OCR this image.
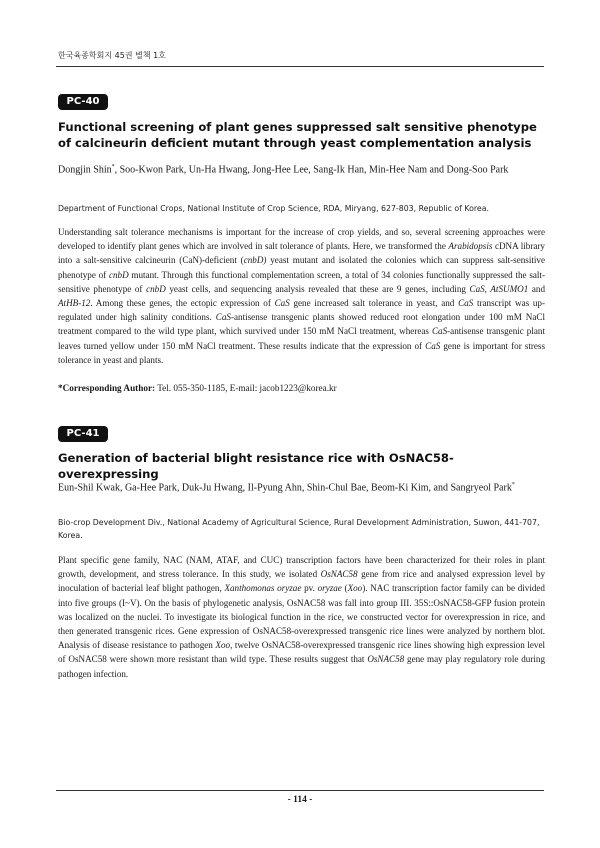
한국육종학회지 45권 별책 1호
PC-40
Functional screening of plant genes suppressed salt sensitive phenotype of calcineurin deficient mutant through yeast complementation analysis

Dongjin Shin*, Soo-Kwon Park, Un-Ha Hwang, Jong-Hee Lee, Sang-Ik Han, Min-Hee Nam and Dong-Soo Park

Department of Functional Crops, National Institute of Crop Science, RDA, Miryang, 627-803, Republic of Korea.

Understanding salt tolerance mechanisms is important for the increase of crop yields, and so, several screening approaches were developed to identify plant genes which are involved in salt tolerance of plants. Here, we transformed the Arabidopsis cDNA library into a salt-sensitive calcineurin (CaN)-deficient (cnbD) yeast mutant and isolated the colonies which can suppress salt-sensitive phenotype of cnbD mutant. Through this functional complementation screen, a total of 34 colonies functionally suppressed the salt-sensitive phenotype of cnbD yeast cells, and sequencing analysis revealed that these are 9 genes, including CaS, AtSUMO1 and AtHB-12. Among these genes, the ectopic expression of CaS gene increased salt tolerance in yeast, and CaS transcript was up-regulated under high salinity conditions. CaS-antisense transgenic plants showed reduced root elongation under 100 mM NaCl treatment compared to the wild type plant, which survived under 150 mM NaCl treatment, whereas CaS-antisense transgenic plant leaves turned yellow under 150 mM NaCl treatment. These results indicate that the expression of CaS gene is important for stress tolerance in yeast and plants.

*Corresponding Author: Tel. 055-350-1185, E-mail: jacob1223@korea.kr

PC-41
Generation of bacterial blight resistance rice with OsNAC58-overexpressing

Eun-Shil Kwak, Ga-Hee Park, Duk-Ju Hwang, Il-Pyung Ahn, Shin-Chul Bae, Beom-Ki Kim, and Sangryeol Park*

Bio-crop Development Div., National Academy of Agricultural Science, Rural Development Administration, Suwon, 441-707, Korea.

Plant specific gene family, NAC (NAM, ATAF, and CUC) transcription factors have been characterized for their roles in plant growth, development, and stress tolerance. In this study, we isolated OsNAC58 gene from rice and analysed expression level by inoculation of bacterial leaf blight pathogen, Xanthomonas oryzae pv. oryzae (Xoo). NAC transcription factor family can be divided into five groups (I~V). On the basis of phylogenetic analysis, OsNAC58 was fall into group III. 35S::OsNAC58-GFP fusion protein was localized on the nuclei. To investigate its biological function in the rice, we constructed vector for overexpression in rice, and then generated transgenic rices. Gene expression of OsNAC58-overexpressed transgenic rice lines were analyzed by northern blot. Analysis of disease resistance to pathogen Xoo, twelve OsNAC58-overexpressed transgenic rice lines showing high expression level of OsNAC58 were shown more resistant than wild type. These results suggest that OsNAC58 gene may play regulatory role during pathogen infection.

- 114 -
